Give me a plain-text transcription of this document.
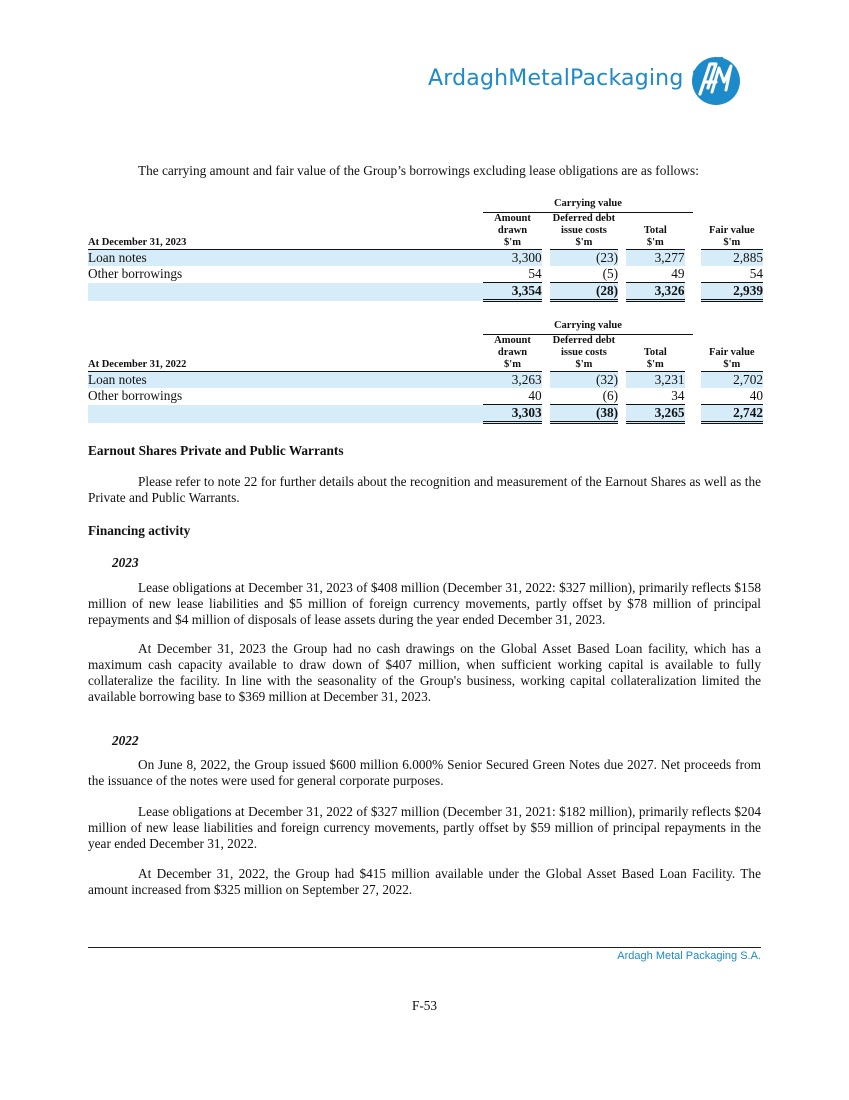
ArdaghMetalPackaging
The carrying amount and fair value of the Group’s borrowings excluding lease obligations are as follows:
	Carrying value							
At December 31, 2023	Amount
drawn
$'m		Deferred debt
issue costs
$'m		Total
$'m			Fair value
$'m
Loan notes	3,300		(23)		3,277			2,885
Other borrowings	54		(5)		49			54
	3,354		(28)		3,326			2,939
	Carrying value							
At December 31, 2022	Amount
drawn
$'m		Deferred debt
issue costs
$'m		Total
$'m			Fair value
$'m
Loan notes	3,263		(32)		3,231			2,702
Other borrowings	40		(6)		34			40
	3,303		(38)		3,265			2,742
Earnout Shares Private and Public Warrants
Please refer to note 22 for further details about the recognition and measurement of the Earnout Shares as well as the Private and Public Warrants.
Financing activity
2023
Lease obligations at December 31, 2023 of $408 million (December 31, 2022: $327 million), primarily reflects $158 million of new lease liabilities and $5 million of foreign currency movements, partly offset by $78 million of principal repayments and $4 million of disposals of lease assets during the year ended December 31, 2023.
At December 31, 2023 the Group had no cash drawings on the Global Asset Based Loan facility, which has a maximum cash capacity available to draw down of $407 million, when sufficient working capital is available to fully collateralize the facility. In line with the seasonality of the Group's business, working capital collateralization limited the available borrowing base to $369 million at December 31, 2023.
2022
On June 8, 2022, the Group issued $600 million 6.000% Senior Secured Green Notes due 2027. Net proceeds from the issuance of the notes were used for general corporate purposes.
Lease obligations at December 31, 2022 of $327 million (December 31, 2021: $182 million), primarily reflects $204 million of new lease liabilities and foreign currency movements, partly offset by $59 million of principal repayments in the year ended December 31, 2022.
At December 31, 2022, the Group had $415 million available under the Global Asset Based Loan Facility. The amount increased from $325 million on September 27, 2022.
Ardagh Metal Packaging S.A.
F-53
